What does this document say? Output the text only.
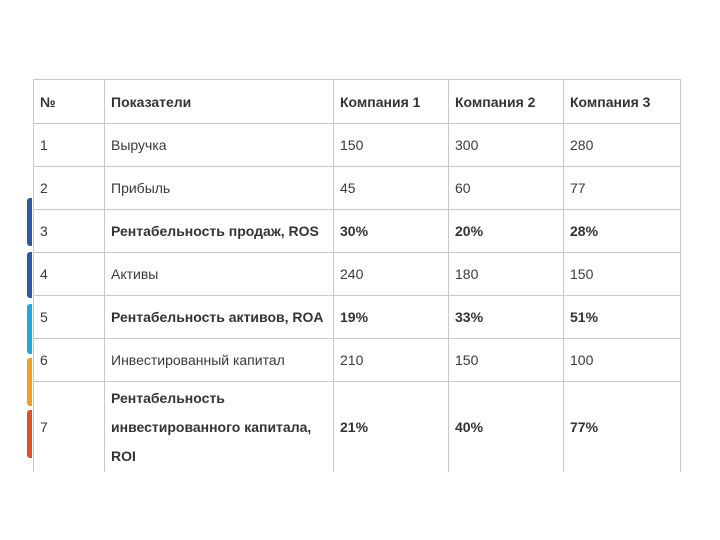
№	Показатели	Компания 1	Компания 2	Компания 3
1	Выручка	150	300	280
2	Прибыль	45	60	77
3	Рентабельность продаж, ROS	30%	20%	28%
4	Активы	240	180	150
5	Рентабельность активов, ROA	19%	33%	51%
6	Инвестированный капитал	210	150	100
7	Рентабельность инвестированного капитала, ROI	21%	40%	77%
